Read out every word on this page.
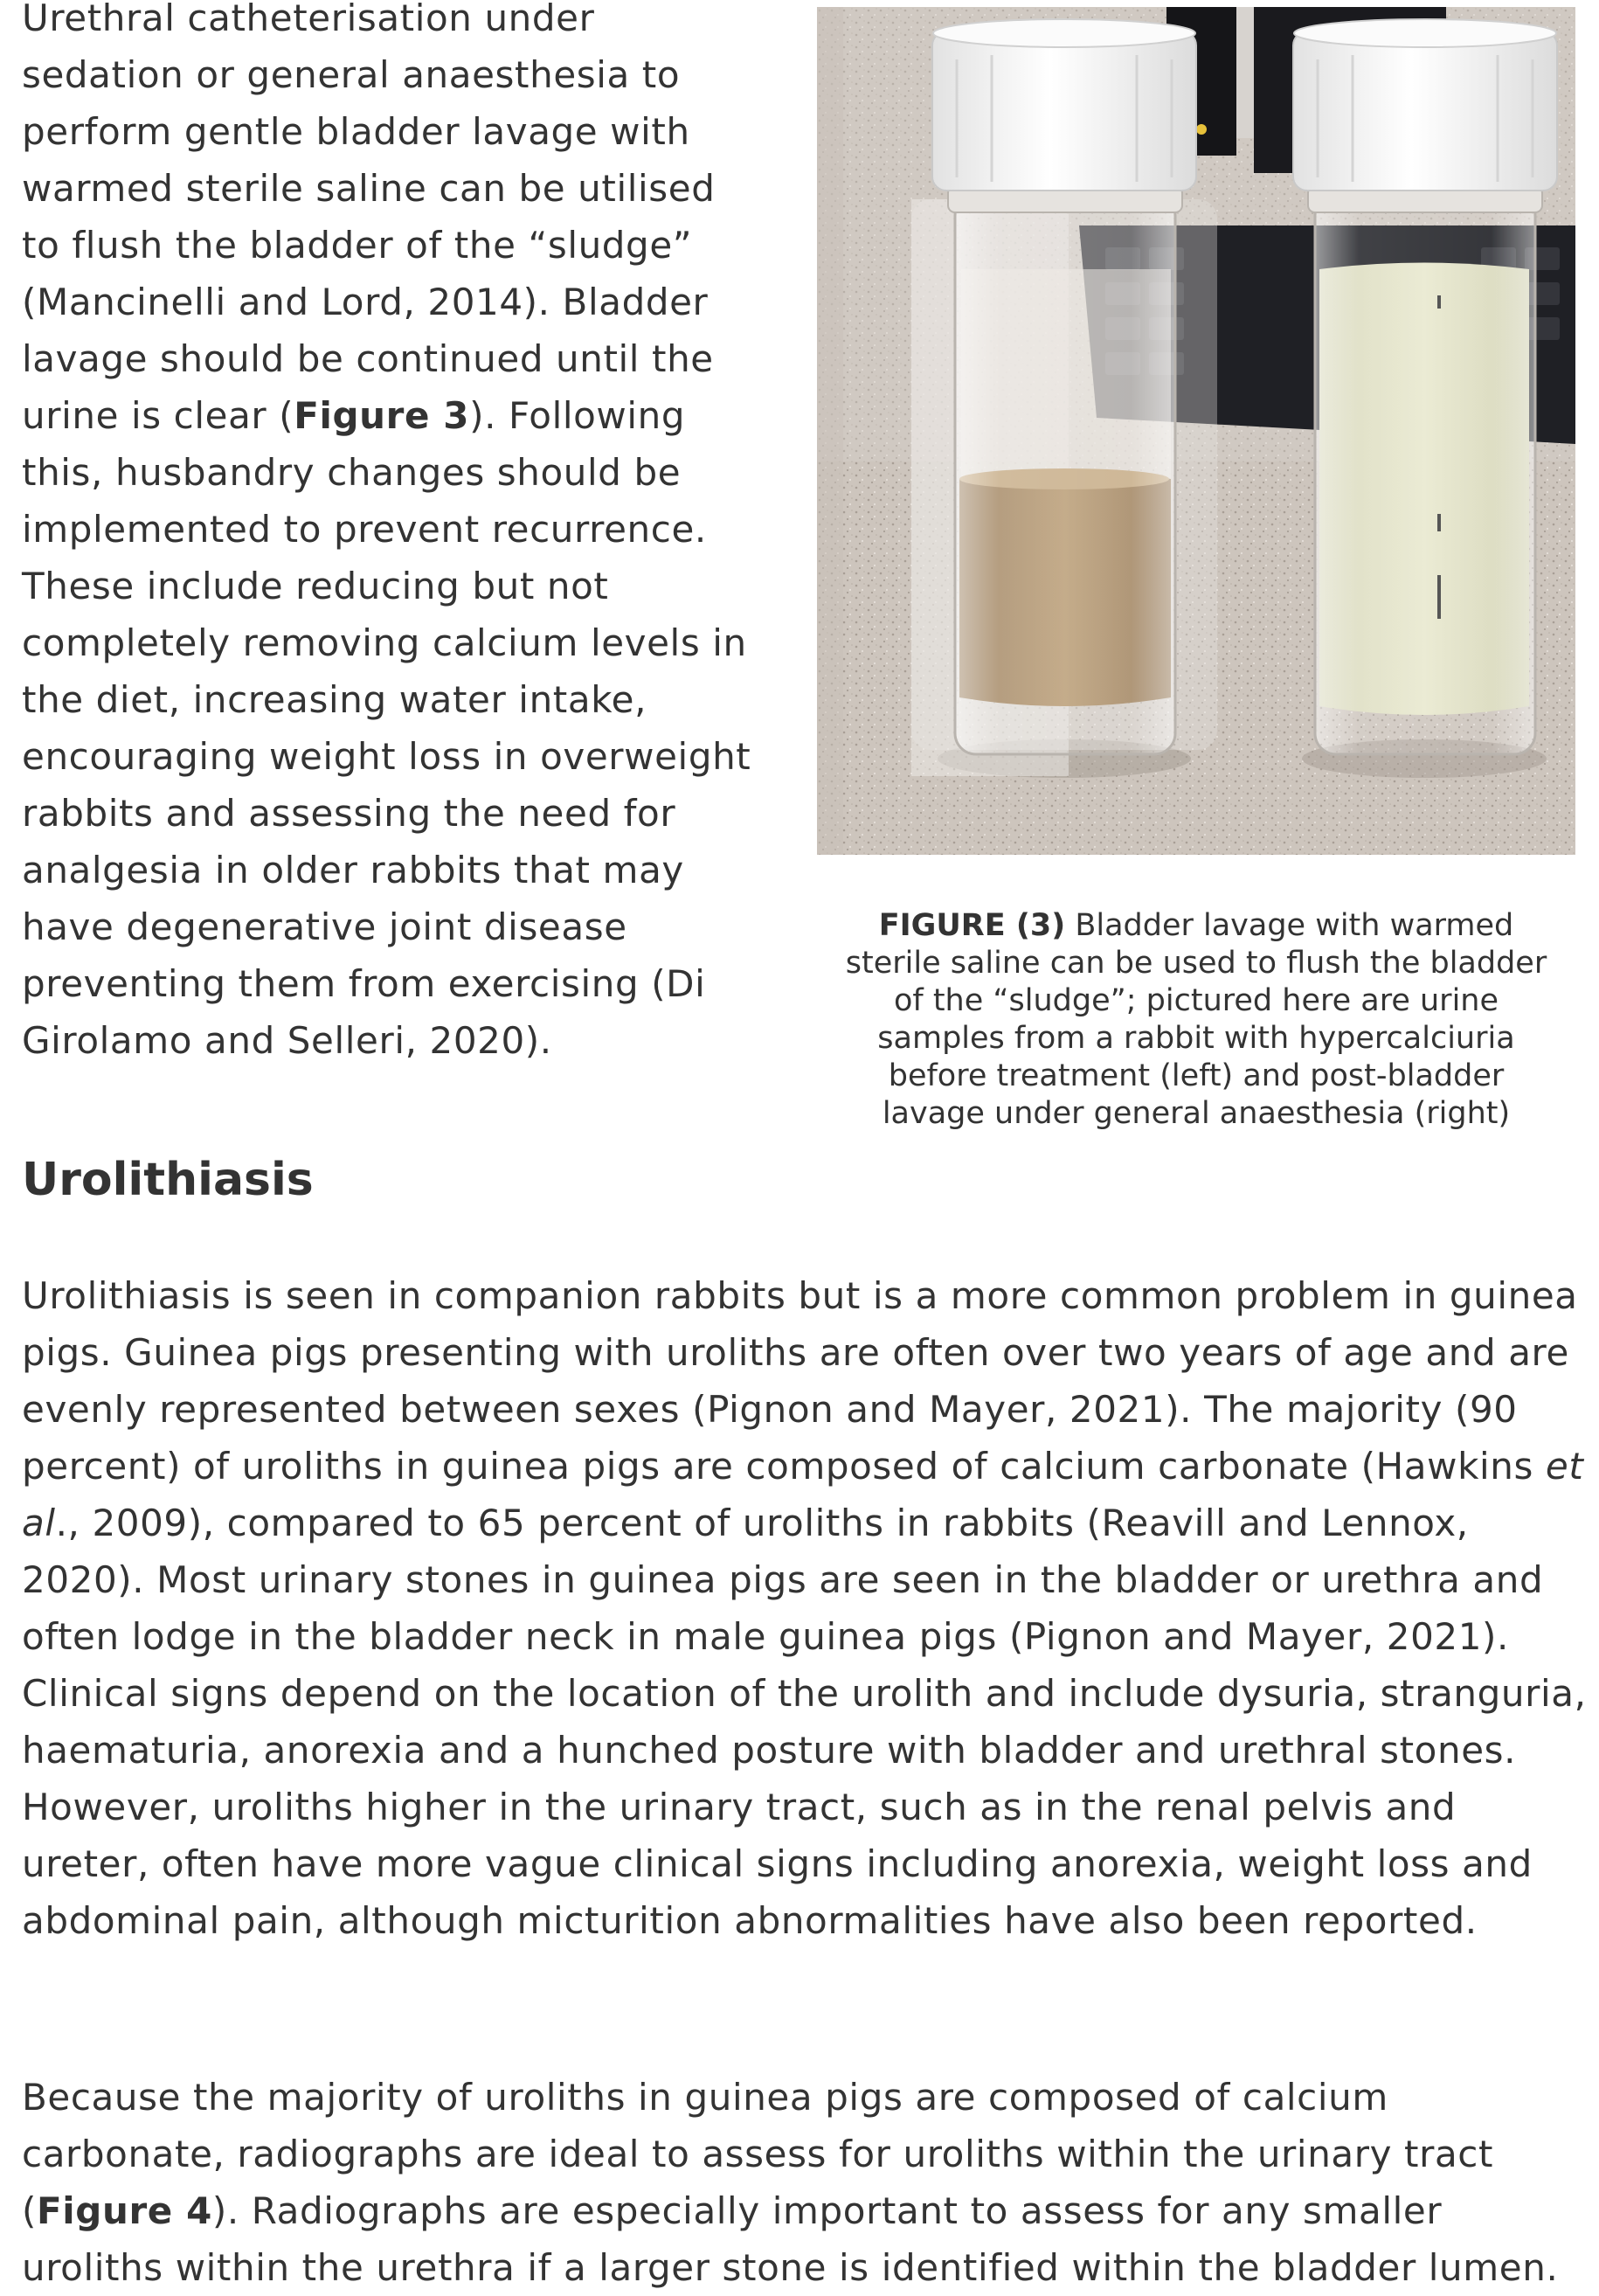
Urethral catheterisation under sedation or general anaesthesia to perform gentle bladder lavage with warmed sterile saline can be utilised to flush the bladder of the “sludge” (Mancinelli and Lord, 2014). Bladder lavage should be continued until the urine is clear (Figure 3). Following this, husbandry changes should be implemented to prevent recurrence. These include reducing but not completely removing calcium levels in the diet, increasing water intake, encouraging weight loss in overweight rabbits and assessing the need for analgesia in older rabbits that may have degenerative joint disease preventing them from exercising (Di Girolamo and Selleri, 2020).

FIGURE (3) Bladder lavage with warmed sterile saline can be used to flush the bladder of the “sludge”; pictured here are urine samples from a rabbit with hypercalciuria before treatment (left) and post-bladder lavage under general anaesthesia (right)

Urolithiasis

Urolithiasis is seen in companion rabbits but is a more common problem in guinea pigs. Guinea pigs presenting with uroliths are often over two years of age and are evenly represented between sexes (Pignon and Mayer, 2021). The majority (90 percent) of uroliths in guinea pigs are composed of calcium carbonate (Hawkins et al., 2009), compared to 65 percent of uroliths in rabbits (Reavill and Lennox, 2020). Most urinary stones in guinea pigs are seen in the bladder or urethra and often lodge in the bladder neck in male guinea pigs (Pignon and Mayer, 2021). Clinical signs depend on the location of the urolith and include dysuria, stranguria, haematuria, anorexia and a hunched posture with bladder and urethral stones. However, uroliths higher in the urinary tract, such as in the renal pelvis and ureter, often have more vague clinical signs including anorexia, weight loss and abdominal pain, although micturition abnormalities have also been reported.

Because the majority of uroliths in guinea pigs are composed of calcium carbonate, radiographs are ideal to assess for uroliths within the urinary tract (Figure 4). Radiographs are especially important to assess for any smaller uroliths within the urethra if a larger stone is identified within the bladder lumen.
